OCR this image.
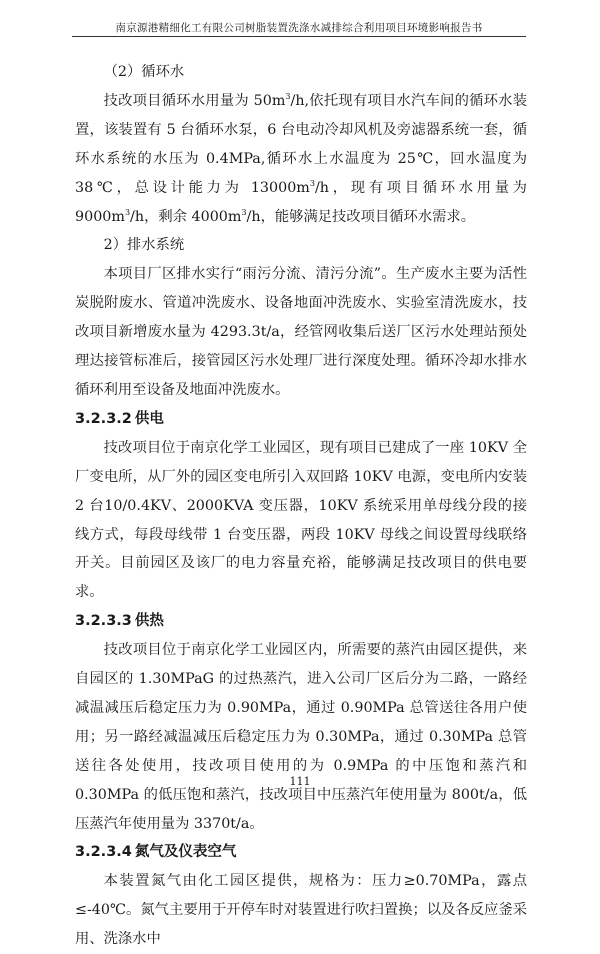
南京源港精细化工有限公司树脂装置洗涤水减排综合利用项目环境影响报告书

（2）循环水

技改项目循环水用量为 $50m^3/h$,依托现有项目水汽车间的循环水装置，该装置有 5 台循环水泵，6 台电动冷却风机及旁滤器系统一套，循环水系统的水压为 0.4MPa,循环水上水温度为 25℃，回水温度为 38℃，总设计能力为 $13000m^3/h$，现有项目循环水用量为 $9000m^3/h$，剩余 $4000m^3/h$，能够满足技改项目循环水需求。

2）排水系统

本项目厂区排水实行“雨污分流、清污分流”。生产废水主要为活性炭脱附废水、管道冲洗废水、设备地面冲洗废水、实验室清洗废水，技改项目新增废水量为 4293.3t/a，经管网收集后送厂区污水处理站预处理达接管标准后，接管园区污水处理厂进行深度处理。循环冷却水排水循环利用至设备及地面冲洗废水。

3.2.3.2 供电

技改项目位于南京化学工业园区，现有项目已建成了一座 10KV 全厂变电所，从厂外的园区变电所引入双回路 10KV 电源，变电所内安装 2 台10/0.4KV、2000KVA 变压器，10KV 系统采用单母线分段的接线方式，每段母线带 1 台变压器，两段 10KV 母线之间设置母线联络开关。目前园区及该厂的电力容量充裕，能够满足技改项目的供电要求。

3.2.3.3 供热

技改项目位于南京化学工业园区内，所需要的蒸汽由园区提供，来自园区的 1.30MPaG 的过热蒸汽，进入公司厂区后分为二路，一路经减温减压后稳定压力为 0.90MPa，通过 0.90MPa 总管送往各用户使用；另一路经减温减压后稳定压力为 0.30MPa，通过 0.30MPa 总管送往各处使用，技改项目使用的为 0.9MPa 的中压饱和蒸汽和 0.30MPa 的低压饱和蒸汽，技改项目中压蒸汽年使用量为 800t/a，低压蒸汽年使用量为 3370t/a。

3.2.3.4 氮气及仪表空气

本装置氮气由化工园区提供，规格为：压力≥0.70MPa，露点≤-40℃。氮气主要用于开停车时对装置进行吹扫置换；以及各反应釜采用、洗涤水中

111
